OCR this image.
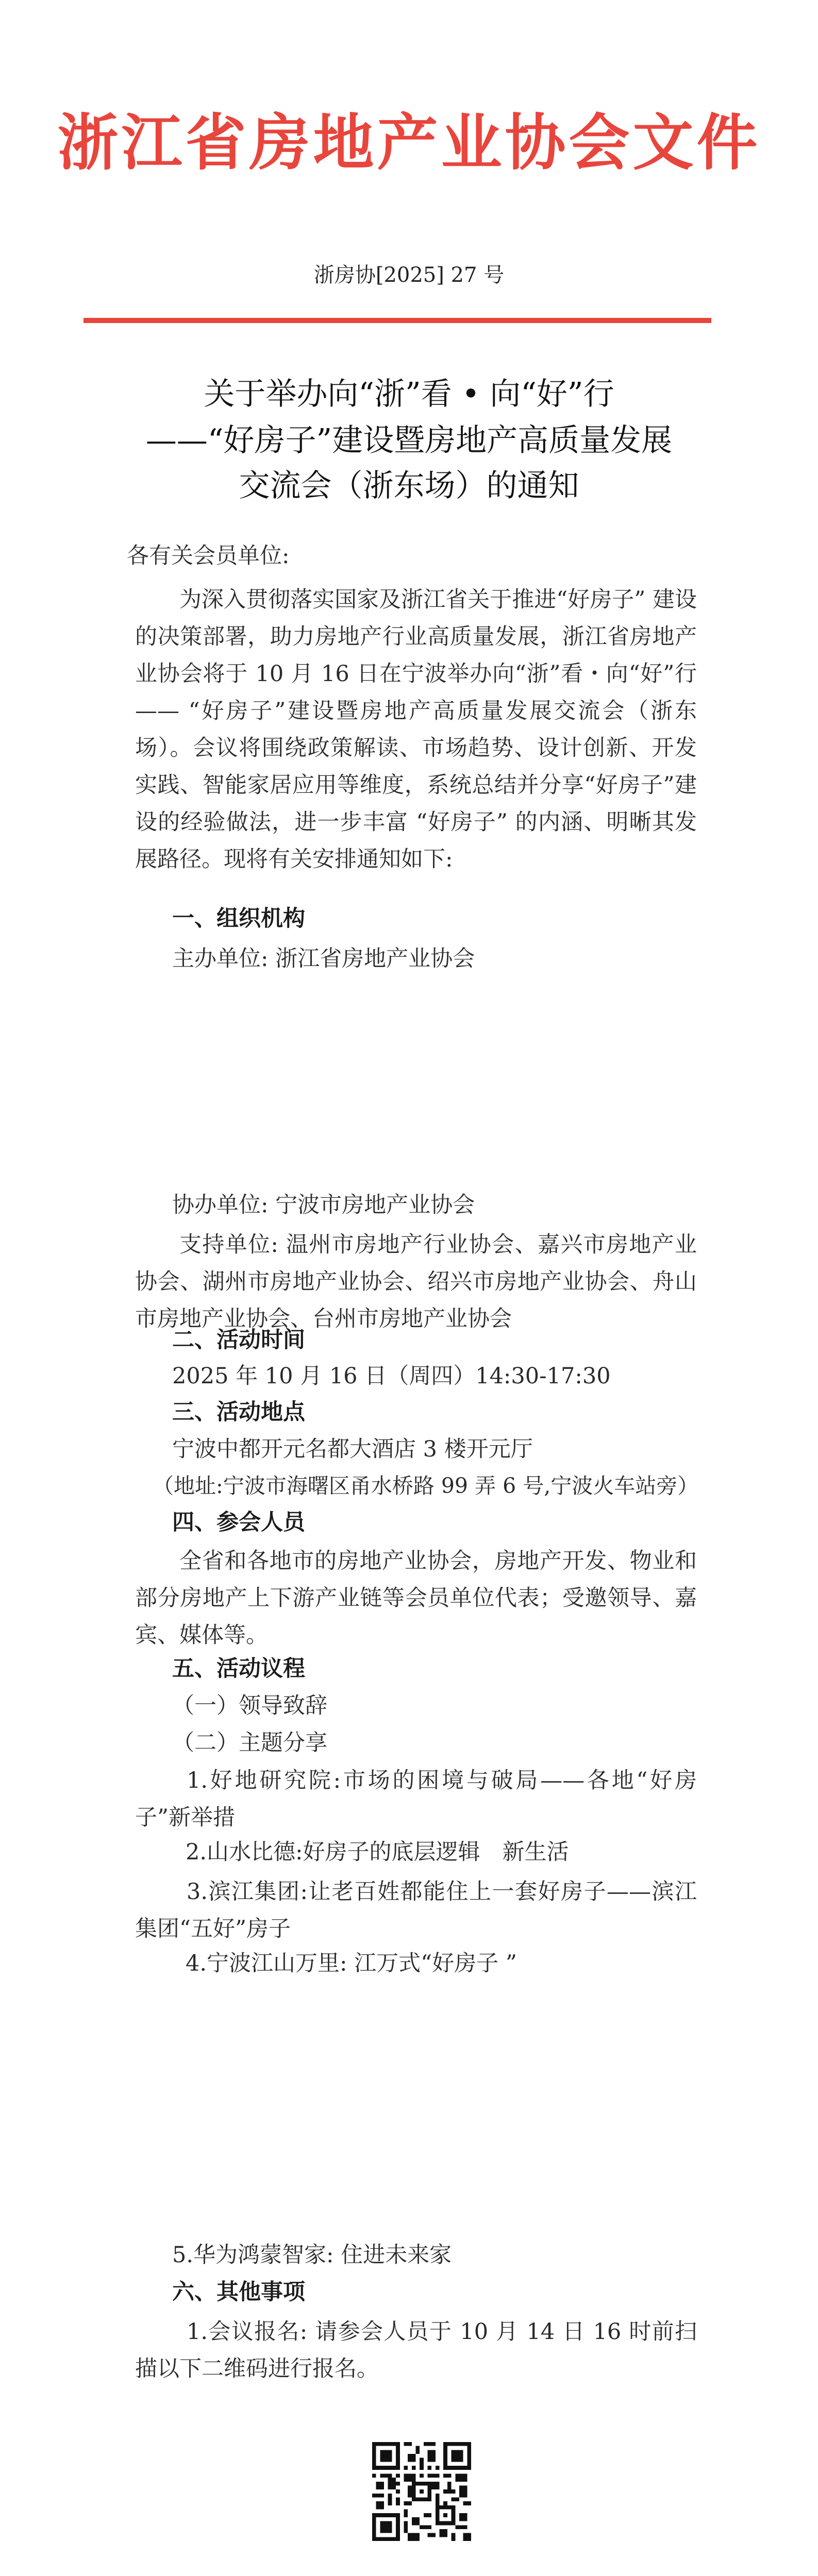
浙江省房地产业协会文件
浙房协[2025] 27 号
关于举办向“浙”看 • 向“好”行
——“好房子”建设暨房地产高质量发展
交流会（浙东场）的通知
各有关会员单位:
为深入贯彻落实国家及浙江省关于推进“好房子” 建设的决策部署，助力房地产行业高质量发展，浙江省房地产业协会将于 10 月 16 日在宁波举办向“浙”看・向“好”行 —— “好房子”建设暨房地产高质量发展交流会（浙东场）。会议将围绕政策解读、市场趋势、设计创新、开发实践、智能家居应用等维度，系统总结并分享“好房子”建设的经验做法，进一步丰富 “好房子” 的内涵、明晰其发展路径。现将有关安排通知如下:
一、组织机构
主办单位: 浙江省房地产业协会
协办单位: 宁波市房地产业协会
支持单位: 温州市房地产行业协会、嘉兴市房地产业协会、湖州市房地产业协会、绍兴市房地产业协会、舟山市房地产业协会、台州市房地产业协会
二、活动时间
2025 年 10 月 16 日（周四）14:30-17:30
三、活动地点
宁波中都开元名都大酒店 3 楼开元厅
（地址:宁波市海曙区甬水桥路 99 弄 6 号,宁波火车站旁）
四、参会人员
全省和各地市的房地产业协会，房地产开发、物业和部分房地产上下游产业链等会员单位代表；受邀领导、嘉宾、媒体等。
五、活动议程
（一）领导致辞
（二）主题分享
1.好地研究院:市场的困境与破局——各地“好房子”新举措
2.山水比德:好房子的底层逻辑　新生活
3.滨江集团:让老百姓都能住上一套好房子——滨江集团“五好”房子
4.宁波江山万里: 江万式“好房子 ”
5.华为鸿蒙智家: 住进未来家
六、其他事项
1.会议报名: 请参会人员于 10 月 14 日 16 时前扫描以下二维码进行报名。
